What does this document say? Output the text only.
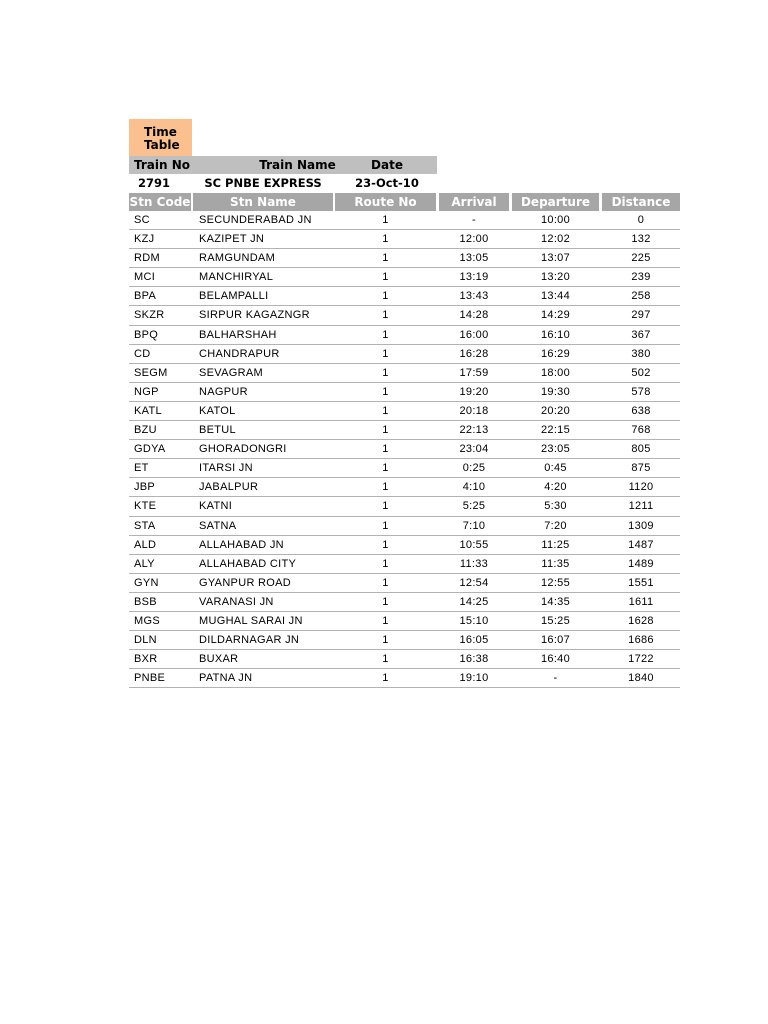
Time
Table
Train No	Train Name	Date
2791	SC PNBE EXPRESS	23-Oct-10
Stn Code	Stn Name	Route No	Arrival	Departure	Distance
SC	SECUNDERABAD JN	1	-	10:00	0
KZJ	KAZIPET JN	1	12:00	12:02	132
RDM	RAMGUNDAM	1	13:05	13:07	225
MCI	MANCHIRYAL	1	13:19	13:20	239
BPA	BELAMPALLI	1	13:43	13:44	258
SKZR	SIRPUR KAGAZNGR	1	14:28	14:29	297
BPQ	BALHARSHAH	1	16:00	16:10	367
CD	CHANDRAPUR	1	16:28	16:29	380
SEGM	SEVAGRAM	1	17:59	18:00	502
NGP	NAGPUR	1	19:20	19:30	578
KATL	KATOL	1	20:18	20:20	638
BZU	BETUL	1	22:13	22:15	768
GDYA	GHORADONGRI	1	23:04	23:05	805
ET	ITARSI JN	1	0:25	0:45	875
JBP	JABALPUR	1	4:10	4:20	1120
KTE	KATNI	1	5:25	5:30	1211
STA	SATNA	1	7:10	7:20	1309
ALD	ALLAHABAD JN	1	10:55	11:25	1487
ALY	ALLAHABAD CITY	1	11:33	11:35	1489
GYN	GYANPUR ROAD	1	12:54	12:55	1551
BSB	VARANASI JN	1	14:25	14:35	1611
MGS	MUGHAL SARAI JN	1	15:10	15:25	1628
DLN	DILDARNAGAR JN	1	16:05	16:07	1686
BXR	BUXAR	1	16:38	16:40	1722
PNBE	PATNA JN	1	19:10	-	1840
